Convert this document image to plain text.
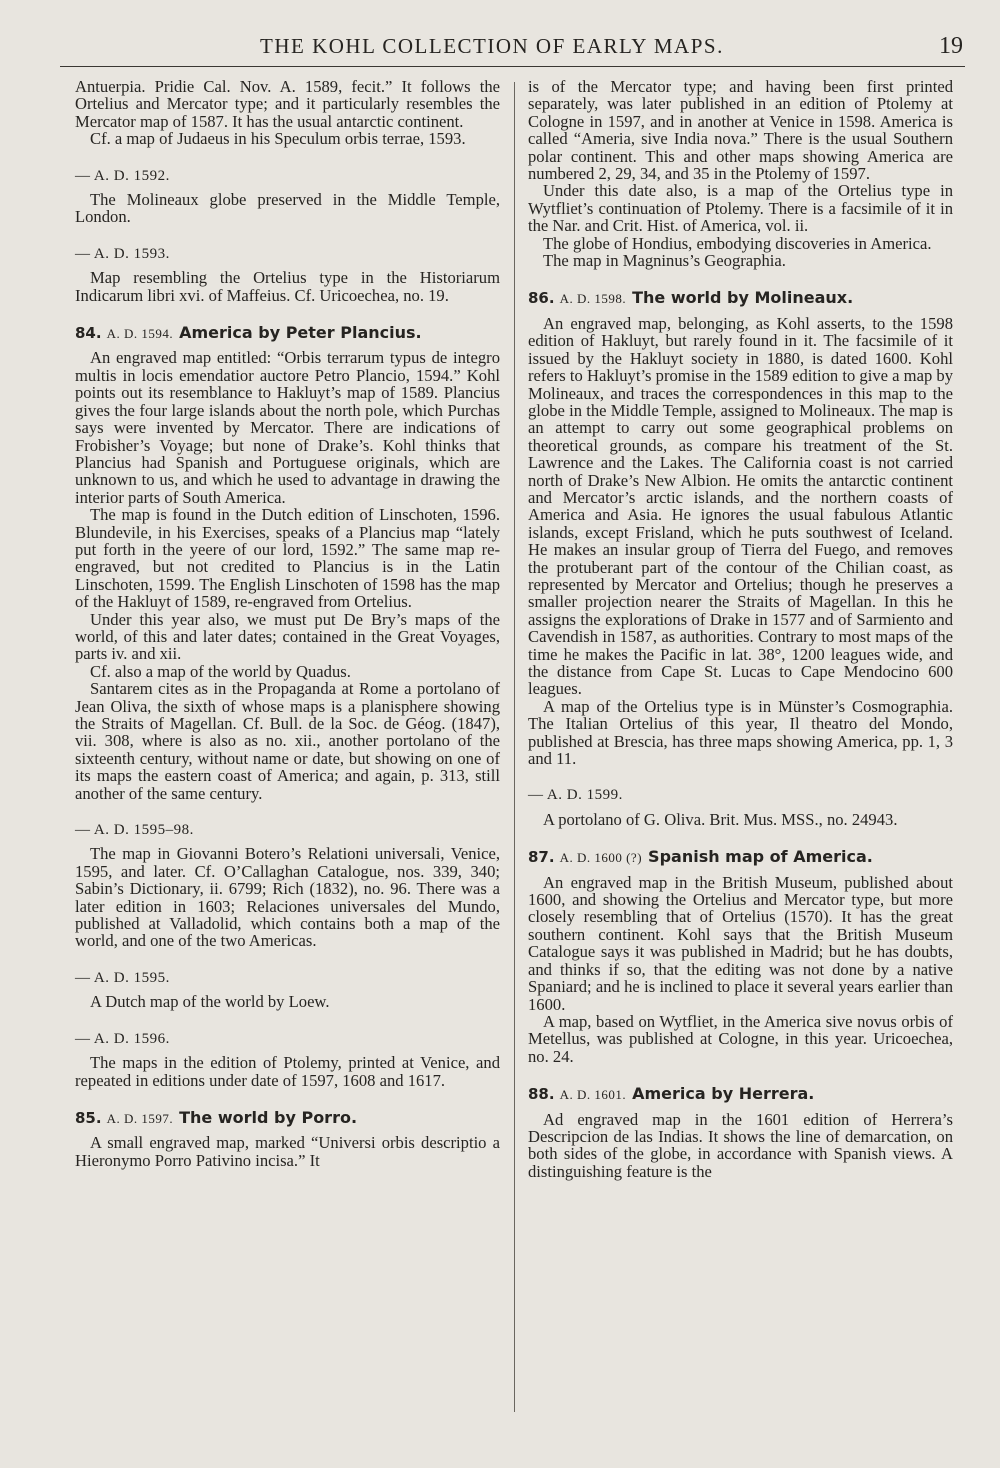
THE KOHL COLLECTION OF EARLY MAPS.	19

Antuerpia. Pridie Cal. Nov. A. 1589, fecit.” It follows the Ortelius and Mercator type; and it particularly resembles the Mercator map of 1587. It has the usual antarctic continent.

Cf. a map of Judaeus in his Speculum orbis terrae, 1593.

— A. D. 1592.

The Molineaux globe preserved in the Middle Temple, London.

— A. D. 1593.

Map resembling the Ortelius type in the Historiarum Indicarum libri xvi. of Maffeius. Cf. Uricoechea, no. 19.

84. A. D. 1594. America by Peter Plancius.

An engraved map entitled: “Orbis terrarum typus de integro multis in locis emendatior auctore Petro Plancio, 1594.” Kohl points out its resemblance to Hakluyt’s map of 1589. Plancius gives the four large islands about the north pole, which Purchas says were invented by Mercator. There are indications of Frobisher’s Voyage; but none of Drake’s. Kohl thinks that Plancius had Spanish and Portuguese originals, which are unknown to us, and which he used to advantage in drawing the interior parts of South America.

The map is found in the Dutch edition of Linschoten, 1596. Blundevile, in his Exercises, speaks of a Plancius map “lately put forth in the yeere of our lord, 1592.” The same map re-engraved, but not credited to Plancius is in the Latin Linschoten, 1599. The English Linschoten of 1598 has the map of the Hakluyt of 1589, re-engraved from Ortelius.

Under this year also, we must put De Bry’s maps of the world, of this and later dates; contained in the Great Voyages, parts iv. and xii.

Cf. also a map of the world by Quadus.

Santarem cites as in the Propaganda at Rome a portolano of Jean Oliva, the sixth of whose maps is a planisphere showing the Straits of Magellan. Cf. Bull. de la Soc. de Géog. (1847), vii. 308, where is also as no. xii., another portolano of the sixteenth century, without name or date, but showing on one of its maps the eastern coast of America; and again, p. 313, still another of the same century.

— A. D. 1595–98.

The map in Giovanni Botero’s Relationi universali, Venice, 1595, and later. Cf. O’Callaghan Catalogue, nos. 339, 340; Sabin’s Dictionary, ii. 6799; Rich (1832), no. 96. There was a later edition in 1603; Relaciones universales del Mundo, published at Valladolid, which contains both a map of the world, and one of the two Americas.

— A. D. 1595.

A Dutch map of the world by Loew.

— A. D. 1596.

The maps in the edition of Ptolemy, printed at Venice, and repeated in editions under date of 1597, 1608 and 1617.

85. A. D. 1597. The world by Porro.

A small engraved map, marked “Universi orbis descriptio a Hieronymo Porro Pativino incisa.” It

is of the Mercator type; and having been first printed separately, was later published in an edition of Ptolemy at Cologne in 1597, and in another at Venice in 1598. America is called “Ameria, sive India nova.” There is the usual Southern polar continent. This and other maps showing America are numbered 2, 29, 34, and 35 in the Ptolemy of 1597.

Under this date also, is a map of the Ortelius type in Wytfliet’s continuation of Ptolemy. There is a facsimile of it in the Nar. and Crit. Hist. of America, vol. ii.

The globe of Hondius, embodying discoveries in America.

The map in Magninus’s Geographia.

86. A. D. 1598. The world by Molineaux.

An engraved map, belonging, as Kohl asserts, to the 1598 edition of Hakluyt, but rarely found in it. The facsimile of it issued by the Hakluyt society in 1880, is dated 1600. Kohl refers to Hakluyt’s promise in the 1589 edition to give a map by Molineaux, and traces the correspondences in this map to the globe in the Middle Temple, assigned to Molineaux. The map is an attempt to carry out some geographical problems on theoretical grounds, as compare his treatment of the St. Lawrence and the Lakes. The California coast is not carried north of Drake’s New Albion. He omits the antarctic continent and Mercator’s arctic islands, and the northern coasts of America and Asia. He ignores the usual fabulous Atlantic islands, except Frisland, which he puts southwest of Iceland. He makes an insular group of Tierra del Fuego, and removes the protuberant part of the contour of the Chilian coast, as represented by Mercator and Ortelius; though he preserves a smaller projection nearer the Straits of Magellan. In this he assigns the explorations of Drake in 1577 and of Sarmiento and Cavendish in 1587, as authorities. Contrary to most maps of the time he makes the Pacific in lat. 38°, 1200 leagues wide, and the distance from Cape St. Lucas to Cape Mendocino 600 leagues.

A map of the Ortelius type is in Münster’s Cosmographia. The Italian Ortelius of this year, Il theatro del Mondo, published at Brescia, has three maps showing America, pp. 1, 3 and 11.

— A. D. 1599.

A portolano of G. Oliva. Brit. Mus. MSS., no. 24943.

87. A. D. 1600 (?) Spanish map of America.

An engraved map in the British Museum, published about 1600, and showing the Ortelius and Mercator type, but more closely resembling that of Ortelius (1570). It has the great southern continent. Kohl says that the British Museum Catalogue says it was published in Madrid; but he has doubts, and thinks if so, that the editing was not done by a native Spaniard; and he is inclined to place it several years earlier than 1600.

A map, based on Wytfliet, in the America sive novus orbis of Metellus, was published at Cologne, in this year. Uricoechea, no. 24.

88. A. D. 1601. America by Herrera.

Ad engraved map in the 1601 edition of Herrera’s Descripcion de las Indias. It shows the line of demarcation, on both sides of the globe, in accordance with Spanish views. A distinguishing feature is the
